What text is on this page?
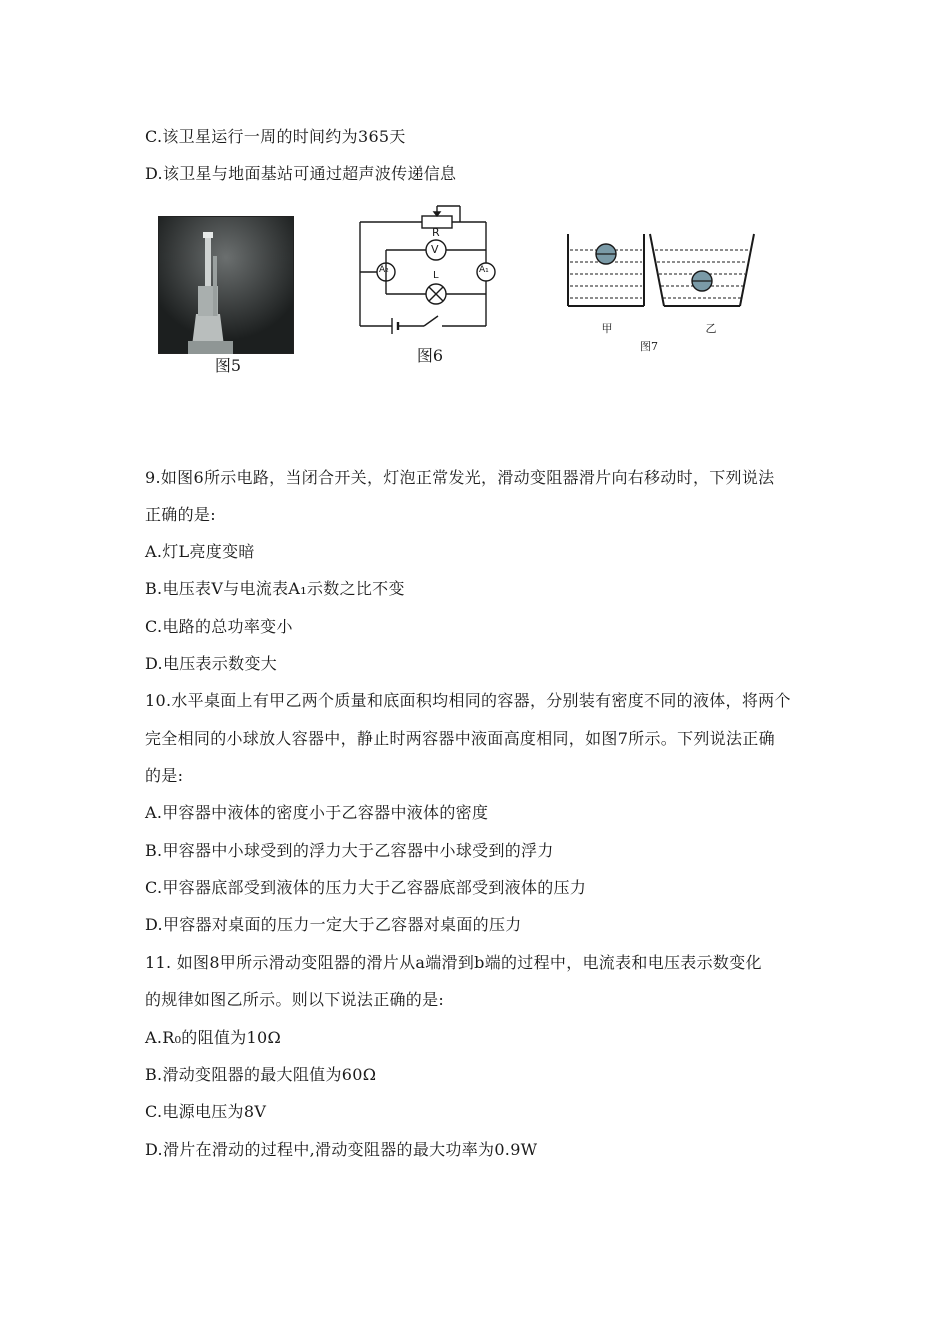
C.该卫星运行一周的时间约为365天
D.该卫星与地面基站可通过超声波传递信息
图5
R
V
A₂	A₁
L
图6
甲	乙
图7
9.如图6所示电路，当闭合开关，灯泡正常发光，滑动变阻器滑片向右移动时，下列说法
正确的是:
A.灯L亮度变暗
B.电压表V与电流表A₁示数之比不变
C.电路的总功率变小
D.电压表示数变大
10.水平桌面上有甲乙两个质量和底面积均相同的容器，分别装有密度不同的液体，将两个
完全相同的小球放人容器中，静止时两容器中液面高度相同，如图7所示。下列说法正确
的是:
A.甲容器中液体的密度小于乙容器中液体的密度
B.甲容器中小球受到的浮力大于乙容器中小球受到的浮力
C.甲容器底部受到液体的压力大于乙容器底部受到液体的压力
D.甲容器对桌面的压力一定大于乙容器对桌面的压力
11. 如图8甲所示滑动变阻器的滑片从a端滑到b端的过程中，电流表和电压表示数变化
的规律如图乙所示。则以下说法正确的是:
A.R₀的阻值为10Ω
B.滑动变阻器的最大阻值为60Ω
C.电源电压为8V
D.滑片在滑动的过程中,滑动变阻器的最大功率为0.9W
